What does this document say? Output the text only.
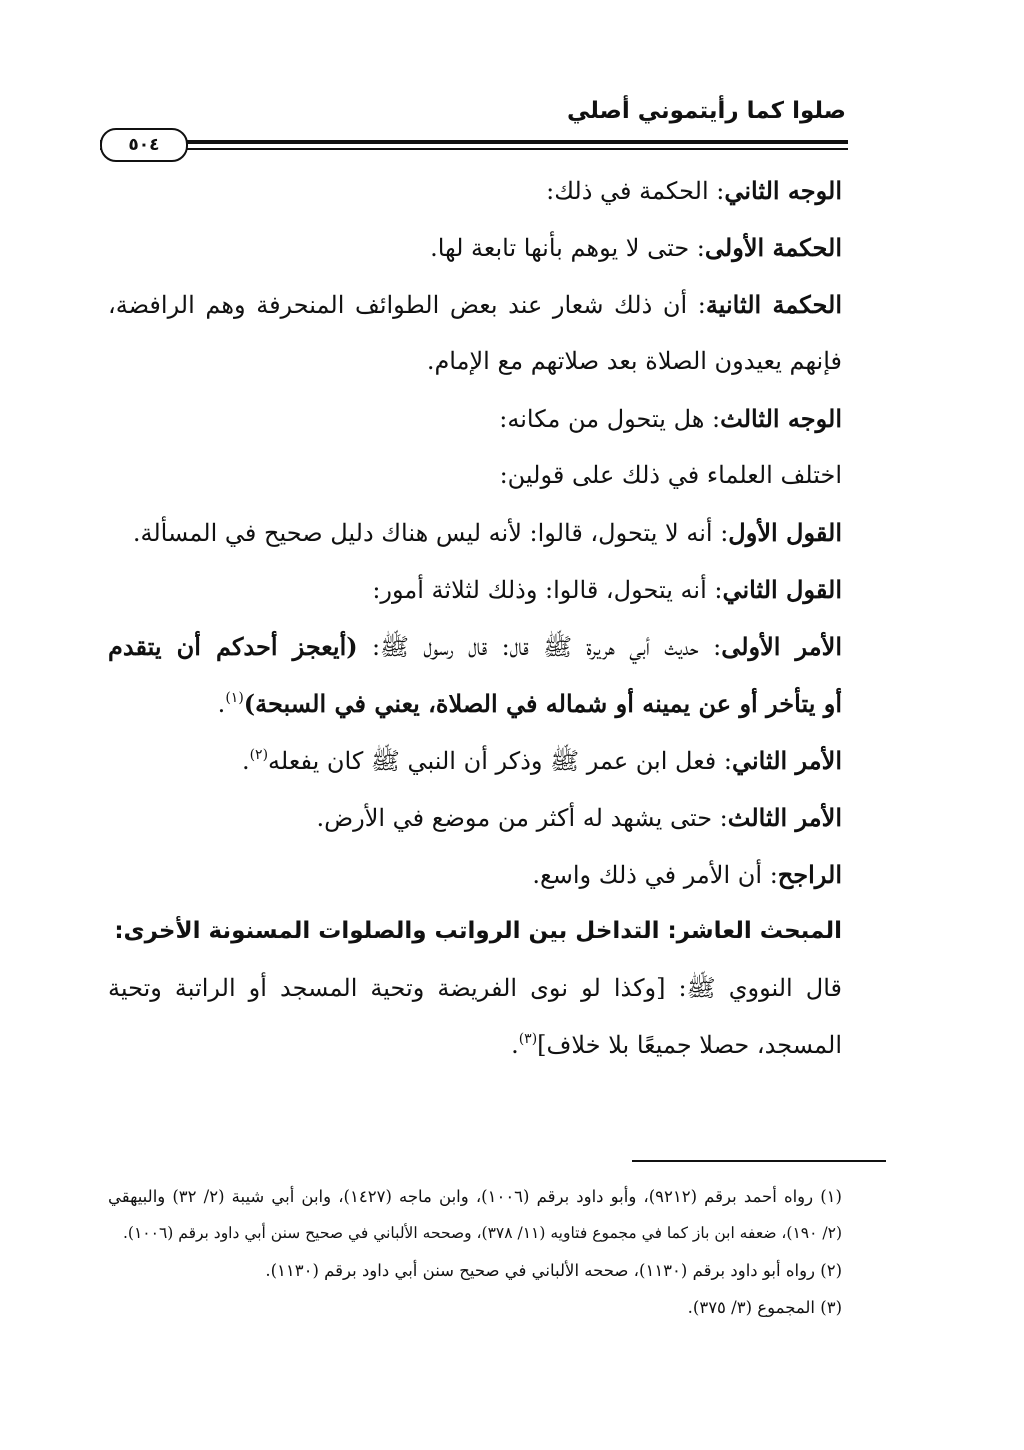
صلوا كما رأيتموني أصلي
٥٠٤
الوجه الثاني: الحكمة في ذلك:
الحكمة الأولى: حتى لا يوهم بأنها تابعة لها.
الحكمة الثانية: أن ذلك شعار عند بعض الطوائف المنحرفة وهم الرافضة،
فإنهم يعيدون الصلاة بعد صلاتهم مع الإمام.
الوجه الثالث: هل يتحول من مكانه:
اختلف العلماء في ذلك على قولين:
القول الأول: أنه لا يتحول، قالوا: لأنه ليس هناك دليل صحيح في المسألة.
القول الثاني: أنه يتحول، قالوا: وذلك لثلاثة أمور:
الأمر الأولى: حديث أبي هريرة ﷺ قال: قال رسول ﷺ: (أيعجز أحدكم أن يتقدم
أو يتأخر أو عن يمينه أو شماله في الصلاة، يعني في السبحة)$^{(١)}$.
الأمر الثاني: فعل ابن عمر ﷺ وذكر أن النبي ﷺ كان يفعله$^{(٢)}$.
الأمر الثالث: حتى يشهد له أكثر من موضع في الأرض.
الراجح: أن الأمر في ذلك واسع.
المبحث العاشر: التداخل بين الرواتب والصلوات المسنونة الأخرى:
قال النووي ﷺ: [وكذا لو نوى الفريضة وتحية المسجد أو الراتبة وتحية
المسجد، حصلا جميعًا بلا خلاف]$^{(٣)}$.
(١) رواه أحمد برقم (٩٢١٢)، وأبو داود برقم (١٠٠٦)، وابن ماجه (١٤٢٧)، وابن أبي شيبة (٢/ ٣٢) والبيهقي
(٢/ ١٩٠)، ضعفه ابن باز كما في مجموع فتاويه (١١/ ٣٧٨)، وصححه الألباني في صحيح سنن أبي داود برقم (١٠٠٦).
(٢) رواه أبو داود برقم (١١٣٠)، صححه الألباني في صحيح سنن أبي داود برقم (١١٣٠).
(٣) المجموع (٣/ ٣٧٥).
